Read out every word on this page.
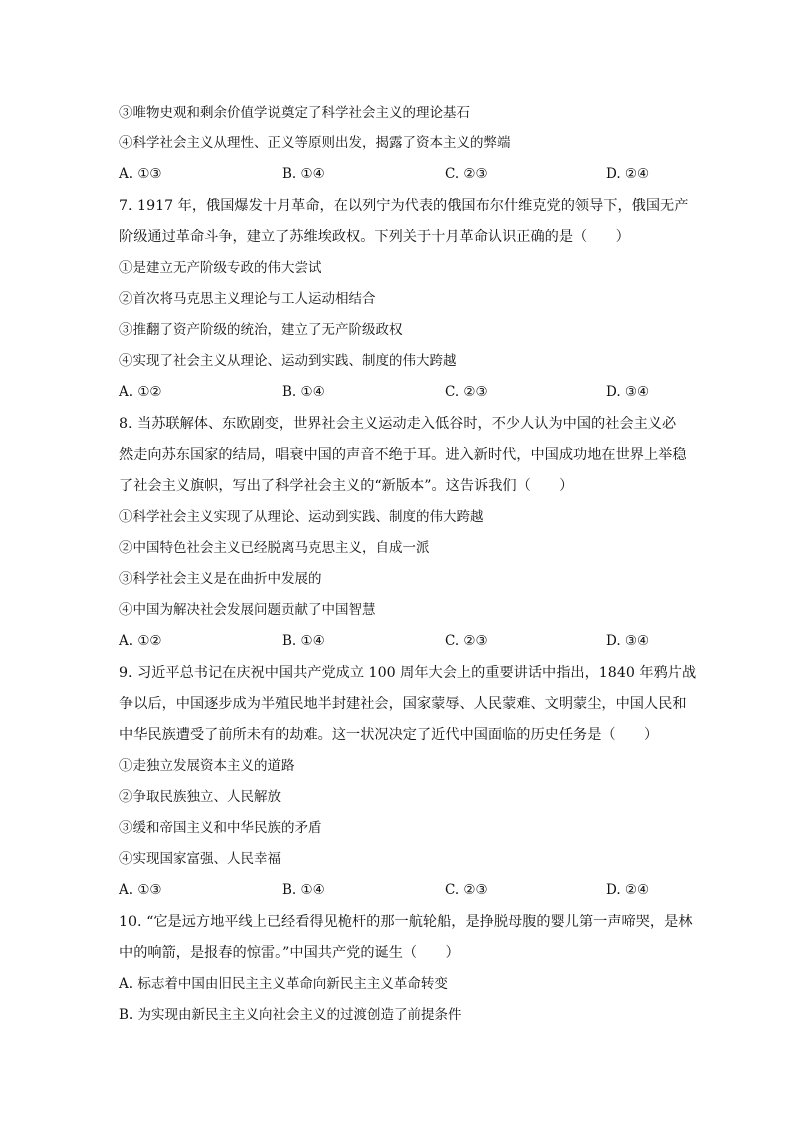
③唯物史观和剩余价值学说奠定了科学社会主义的理论基石
④科学社会主义从理性、正义等原则出发，揭露了资本主义的弊端
A. ①③	B. ①④	C. ②③	D. ②④
7. 1917 年，俄国爆发十月革命，在以列宁为代表的俄国布尔什维克党的领导下，俄国无产
阶级通过革命斗争，建立了苏维埃政权。下列关于十月革命认识正确的是（　　）
①是建立无产阶级专政的伟大尝试
②首次将马克思主义理论与工人运动相结合
③推翻了资产阶级的统治，建立了无产阶级政权
④实现了社会主义从理论、运动到实践、制度的伟大跨越
A. ①②	B. ①④	C. ②③	D. ③④
8. 当苏联解体、东欧剧变，世界社会主义运动走入低谷时，不少人认为中国的社会主义必
然走向苏东国家的结局，唱衰中国的声音不绝于耳。进入新时代，中国成功地在世界上举稳
了社会主义旗帜，写出了科学社会主义的“新版本”。这告诉我们（　　）
①科学社会主义实现了从理论、运动到实践、制度的伟大跨越
②中国特色社会主义已经脱离马克思主义，自成一派
③科学社会主义是在曲折中发展的
④中国为解决社会发展问题贡献了中国智慧
A. ①②	B. ①④	C. ②③	D. ③④
9. 习近平总书记在庆祝中国共产党成立 100 周年大会上的重要讲话中指出，1840 年鸦片战
争以后，中国逐步成为半殖民地半封建社会，国家蒙辱、人民蒙难、文明蒙尘，中国人民和
中华民族遭受了前所未有的劫难。这一状况决定了近代中国面临的历史任务是（　　）
①走独立发展资本主义的道路
②争取民族独立、人民解放
③缓和帝国主义和中华民族的矛盾
④实现国家富强、人民幸福
A. ①③	B. ①④	C. ②③	D. ②④
10. “它是远方地平线上已经看得见桅杆的那一航轮船，是挣脱母腹的婴儿第一声啼哭，是林
中的响箭，是报春的惊雷。”中国共产党的诞生（　　）
A. 标志着中国由旧民主主义革命向新民主主义革命转变
B. 为实现由新民主主义向社会主义的过渡创造了前提条件
